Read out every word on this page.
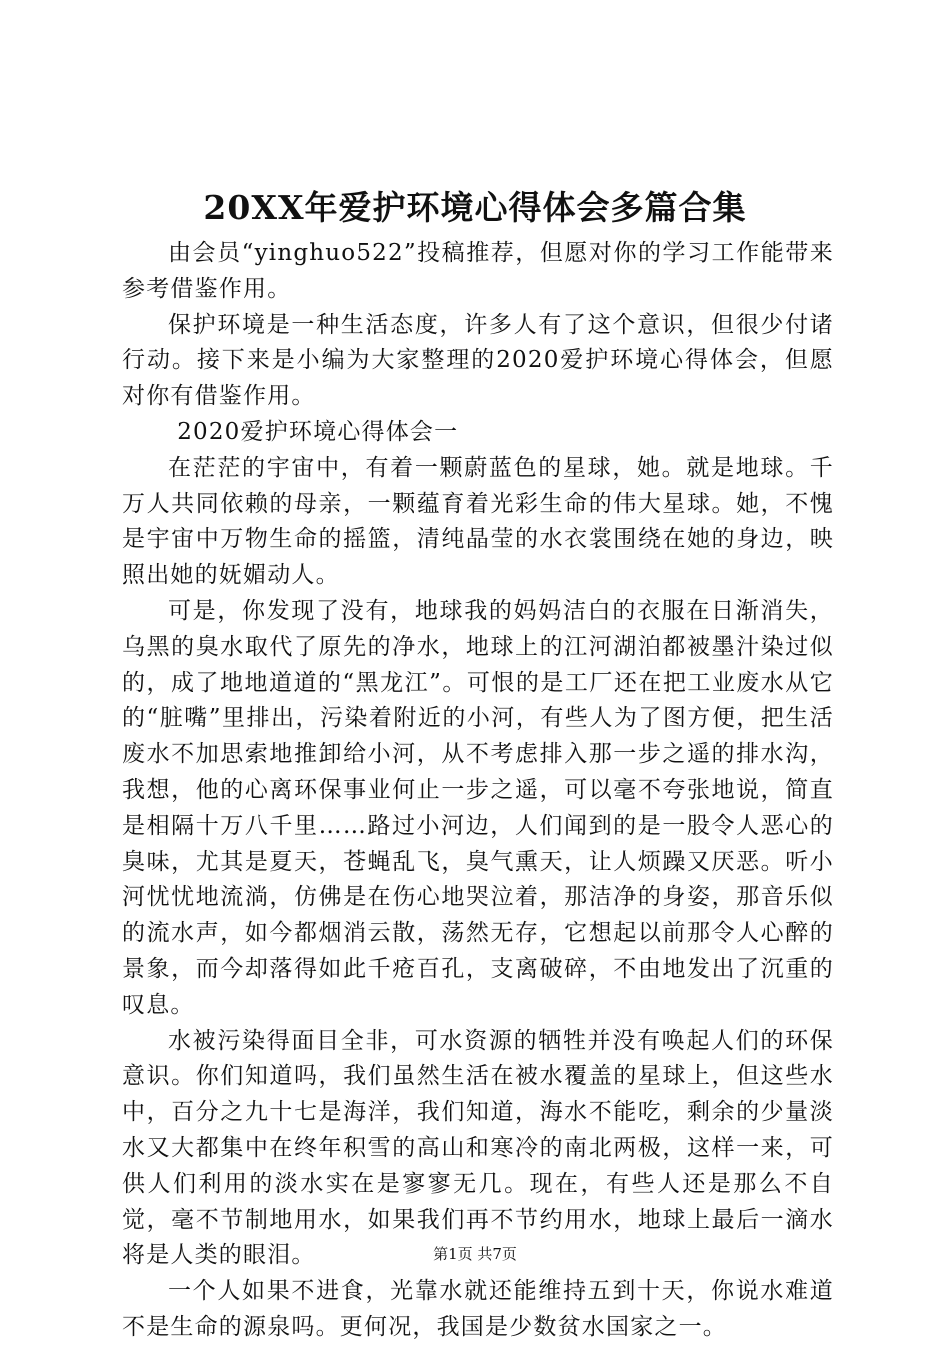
20XX年爱护环境心得体会多篇合集

由会员“yinghuo522”投稿推荐，但愿对你的学习工作能带来参考借鉴作用。

保护环境是一种生活态度，许多人有了这个意识，但很少付诸行动。接下来是小编为大家整理的2020爱护环境心得体会，但愿对你有借鉴作用。

2020爱护环境心得体会一

在茫茫的宇宙中，有着一颗蔚蓝色的星球，她。就是地球。千万人共同依赖的母亲，一颗蕴育着光彩生命的伟大星球。她，不愧是宇宙中万物生命的摇篮，清纯晶莹的水衣裳围绕在她的身边，映照出她的妩媚动人。

可是，你发现了没有，地球我的妈妈洁白的衣服在日渐消失，乌黑的臭水取代了原先的净水，地球上的江河湖泊都被墨汁染过似的，成了地地道道的“黑龙江”。可恨的是工厂还在把工业废水从它的“脏嘴”里排出，污染着附近的小河，有些人为了图方便，把生活废水不加思索地推卸给小河，从不考虑排入那一步之遥的排水沟，我想，他的心离环保事业何止一步之遥，可以毫不夸张地说，简直是相隔十万八千里……路过小河边，人们闻到的是一股令人恶心的臭味，尤其是夏天，苍蝇乱飞，臭气熏天，让人烦躁又厌恶。听小河忧忧地流淌，仿佛是在伤心地哭泣着，那洁净的身姿，那音乐似的流水声，如今都烟消云散，荡然无存，它想起以前那令人心醉的景象，而今却落得如此千疮百孔，支离破碎，不由地发出了沉重的叹息。

水被污染得面目全非，可水资源的牺牲并没有唤起人们的环保意识。你们知道吗，我们虽然生活在被水覆盖的星球上，但这些水中，百分之九十七是海洋，我们知道，海水不能吃，剩余的少量淡水又大都集中在终年积雪的高山和寒冷的南北两极，这样一来，可供人们利用的淡水实在是寥寥无几。现在，有些人还是那么不自觉，毫不节制地用水，如果我们再不节约用水，地球上最后一滴水将是人类的眼泪。

一个人如果不进食，光靠水就还能维持五到十天，你说水难道不是生命的源泉吗。更何况，我国是少数贫水国家之一。

第1页 共7页
